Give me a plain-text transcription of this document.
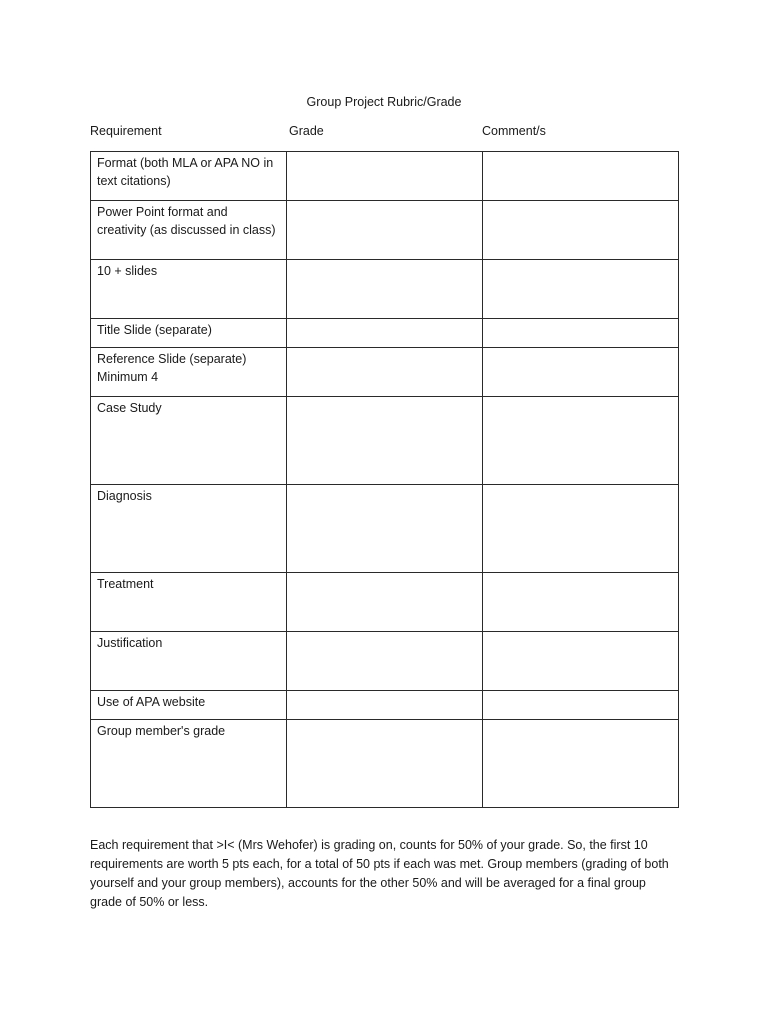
Group Project Rubric/Grade
Requirement	Grade	Comment/s
Format (both MLA or APA NO in text citations)		
Power Point format and creativity (as discussed in class)		
10 + slides		
Title Slide (separate)		
Reference Slide (separate) Minimum 4		
Case Study		
Diagnosis		
Treatment		
Justification		
Use of APA website		
Group member's grade		

Each requirement that >I< (Mrs Wehofer) is grading on, counts for 50% of your grade. So, the first 10 requirements are worth 5 pts each, for a total of 50 pts if each was met. Group members (grading of both yourself and your group members), accounts for the other 50% and will be averaged for a final group grade of 50% or less.
